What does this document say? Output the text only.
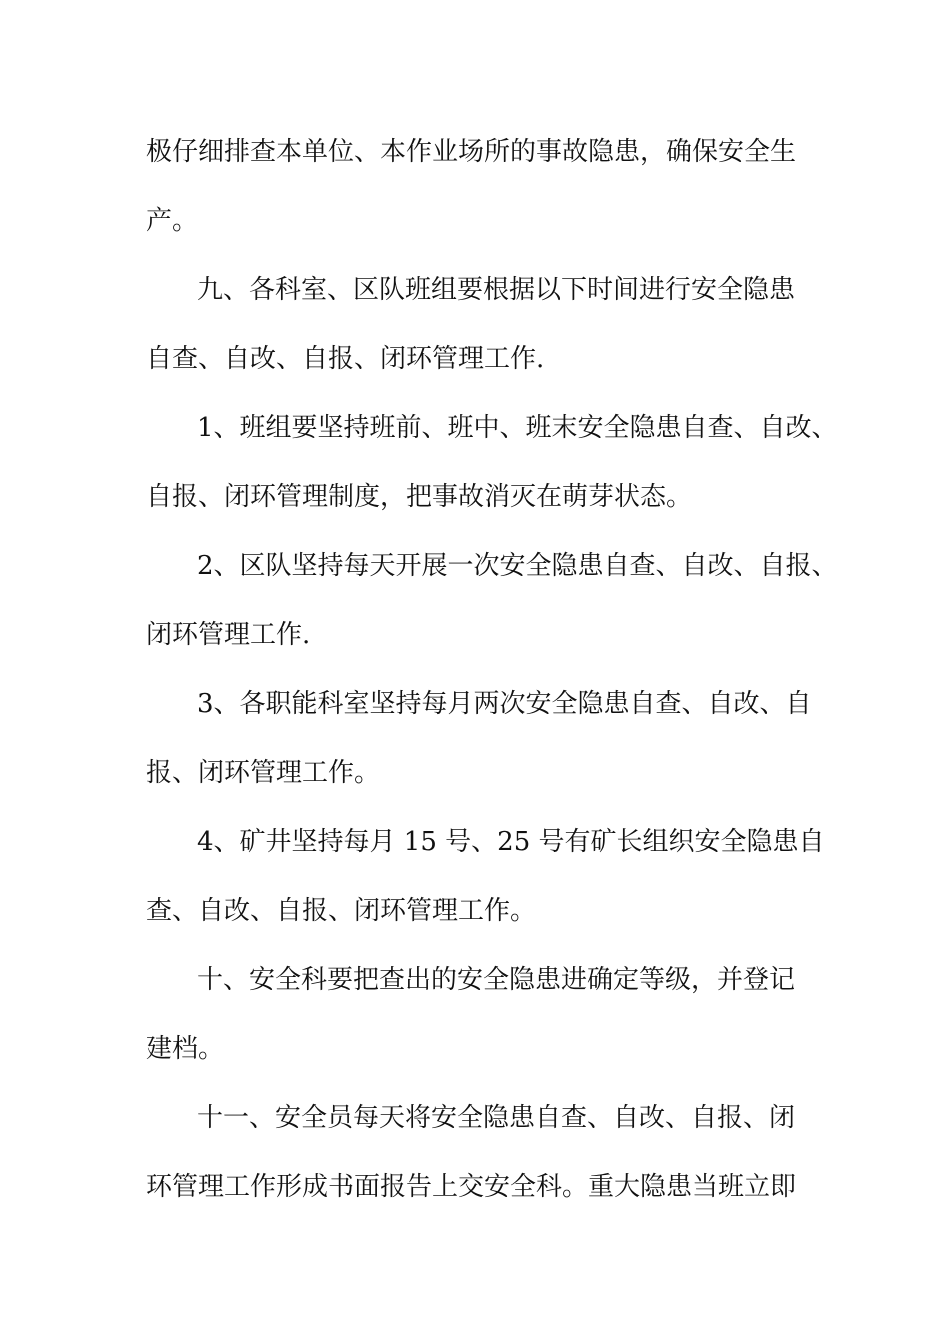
极仔细排查本单位、本作业场所的事故隐患，确保安全生
产。
九、各科室、区队班组要根据以下时间进行安全隐患
自查、自改、自报、闭环管理工作.
1、班组要坚持班前、班中、班末安全隐患自查、自改、
自报、闭环管理制度，把事故消灭在萌芽状态。
2、区队坚持每天开展一次安全隐患自查、自改、自报、
闭环管理工作.
3、各职能科室坚持每月两次安全隐患自查、自改、自
报、闭环管理工作。
4、矿井坚持每月 15 号、25 号有矿长组织安全隐患自
查、自改、自报、闭环管理工作。
十、安全科要把查出的安全隐患进确定等级，并登记
建档。
十一、安全员每天将安全隐患自查、自改、自报、闭
环管理工作形成书面报告上交安全科。重大隐患当班立即
